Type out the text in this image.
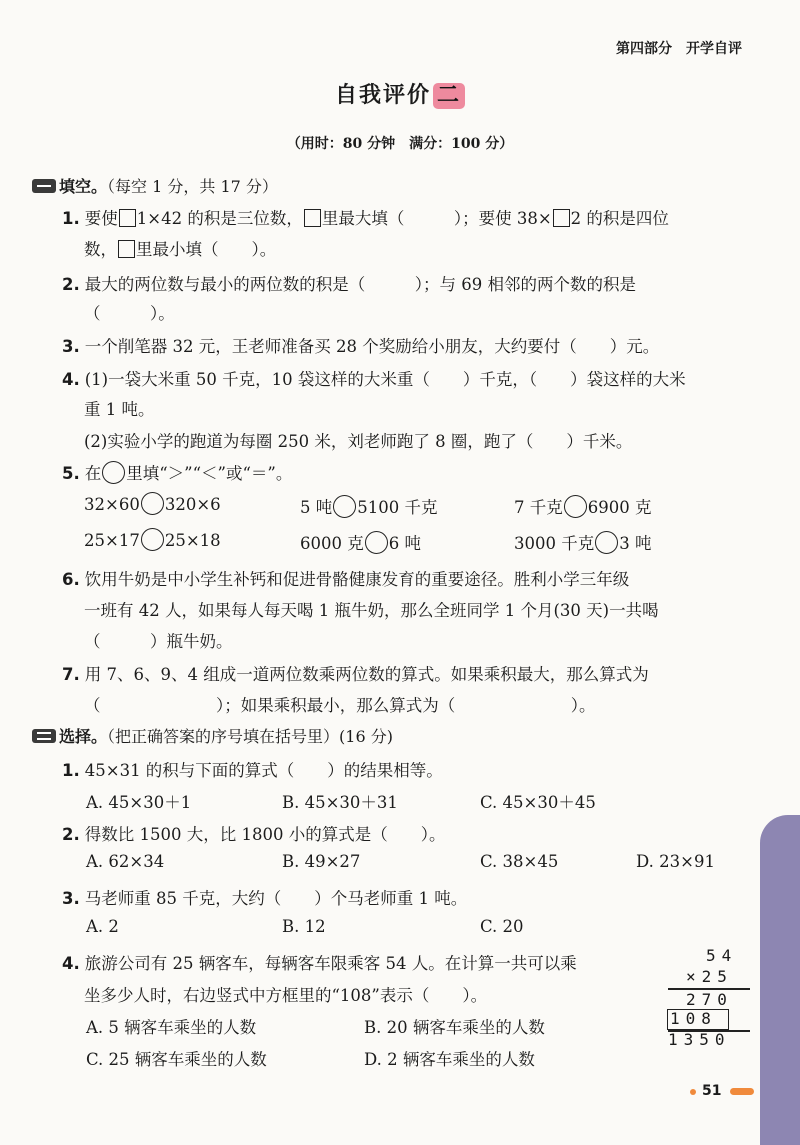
第四部分　开学自评
自我评价 二
（用时：80 分钟　满分：100 分）
填空。（每空 1 分，共 17 分）
1. 要使 1×42 的积是三位数， 里最大填（　　　）；要使 38× 2 的积是四位
数， 里最小填（　　）。
2. 最大的两位数与最小的两位数的积是（　　　）；与 69 相邻的两个数的积是
（　　　）。
3. 一个削笔器 32 元，王老师准备买 28 个奖励给小朋友，大约要付（　　）元。
4. (1)一袋大米重 50 千克，10 袋这样的大米重（　　）千克，（　　）袋这样的大米
重 1 吨。
(2)实验小学的跑道为每圈 250 米，刘老师跑了 8 圈，跑了（　　）千米。
5. 在 里填“＞”“＜”或“＝”。
32×60 320×6	5 吨 5100 千克	7 千克 6900 克
25×17 25×18	6000 克 6 吨	3000 千克 3 吨
6. 饮用牛奶是中小学生补钙和促进骨骼健康发育的重要途径。胜利小学三年级
一班有 42 人，如果每人每天喝 1 瓶牛奶，那么全班同学 1 个月(30 天)一共喝
（　　　）瓶牛奶。
7. 用 7、6、9、4 组成一道两位数乘两位数的算式。如果乘积最大，那么算式为
（　　　　　　　）；如果乘积最小，那么算式为（　　　　　　　）。
选择。（把正确答案的序号填在括号里）(16 分)
1. 45×31 的积与下面的算式（　　）的结果相等。
A. 45×30＋1	B. 45×30＋31	C. 45×30＋45
2. 得数比 1500 大，比 1800 小的算式是（　　）。
A. 62×34	B. 49×27	C. 38×45	D. 23×91
3. 马老师重 85 千克，大约（　　）个马老师重 1 吨。
A. 2	B. 12	C. 20
4. 旅游公司有 25 辆客车，每辆客车限乘客 54 人。在计算一共可以乘
坐多少人时，右边竖式中方框里的“108”表示（　　）。
A. 5 辆客车乘坐的人数	B. 20 辆客车乘坐的人数
C. 25 辆客车乘坐的人数	D. 2 辆客车乘坐的人数
54
×25
270
108
1350
51
